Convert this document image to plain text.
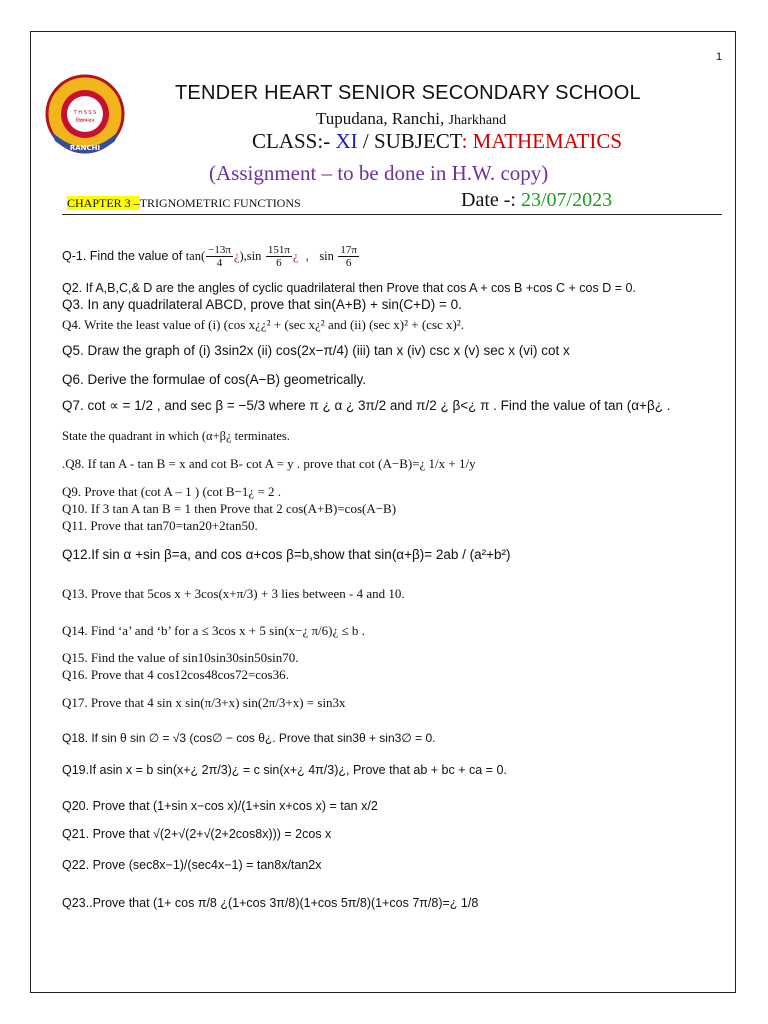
1
RANCHI
T H S S S
विद्यामन्दन
TENDER HEART SENIOR SECONDARY SCHOOL
Tupudana, Ranchi, Jharkhand
CLASS:- XI / SUBJECT: MATHEMATICS
(Assignment – to be done in H.W. copy)
CHAPTER 3 –TRIGNOMETRIC FUNCTIONS	Date -: 23/07/2023
Q-1. Find the value of $\tan( \frac{-13\pi}{4}$ ¿)$,\sin \frac{151\pi}{6}$ ¿  ,   $\sin \frac{17\pi}{6}$
Q2. If A,B,C,& D are the angles of cyclic quadrilateral then Prove that cos A + cos B +cos C + cos D = 0.
Q3. In any quadrilateral ABCD, prove that sin(A+B) + sin(C+D) = 0.
Q4. Write the least value of (i) (cos x¿¿² + (sec x¿² and (ii) (sec x)² + (csc x)².
Q5. Draw the graph of (i) 3sin2x (ii) cos(2x−π/4) (iii) tan x (iv) csc x (v) sec x (vi) cot x
Q6. Derive the formulae of cos(A−B) geometrically.
Q7. cot ∝ = 1/2 , and sec β = −5/3 where π ¿ α ¿ 3π/2 and π/2 ¿ β<¿ π . Find the value of tan (α+β¿ .
State the quadrant in which (α+β¿ terminates.
.Q8. If tan A - tan B = x and cot B- cot A = y . prove that cot (A−B)=¿ 1/x + 1/y
Q9. Prove that (cot A – 1 ) (cot B−1¿ = 2 .
Q10. If 3 tan A tan B = 1 then Prove that 2 cos(A+B)=cos(A−B)
Q11. Prove that tan70=tan20+2tan50.
Q12.If sin α +sin β=a, and cos α+cos β=b,show that sin(α+β)= 2ab / (a²+b²)
Q13. Prove that 5cos x + 3cos(x+π/3) + 3 lies between - 4 and 10.
Q14. Find ‘a’ and ‘b’ for a ≤ 3cos x + 5 sin(x−¿ π/6)¿ ≤ b .
Q15. Find the value of sin10sin30sin50sin70.
Q16. Prove that 4 cos12cos48cos72=cos36.
Q17. Prove that 4 sin x sin(π/3+x) sin(2π/3+x) = sin3x
Q18. If sin θ sin ∅ = √3 (cos∅ − cos θ¿. Prove that sin3θ + sin3∅ = 0.
Q19.If asin x = b sin(x+¿ 2π/3)¿ = c sin(x+¿ 4π/3)¿, Prove that ab + bc + ca = 0.
Q20. Prove that (1+sin x−cos x)/(1+sin x+cos x) = tan x/2
Q21. Prove that √(2+√(2+√(2+2cos8x))) = 2cos x
Q22. Prove (sec8x−1)/(sec4x−1) = tan8x/tan2x
Q23..Prove that (1+ cos π/8 ¿(1+cos 3π/8)(1+cos 5π/8)(1+cos 7π/8)=¿ 1/8
